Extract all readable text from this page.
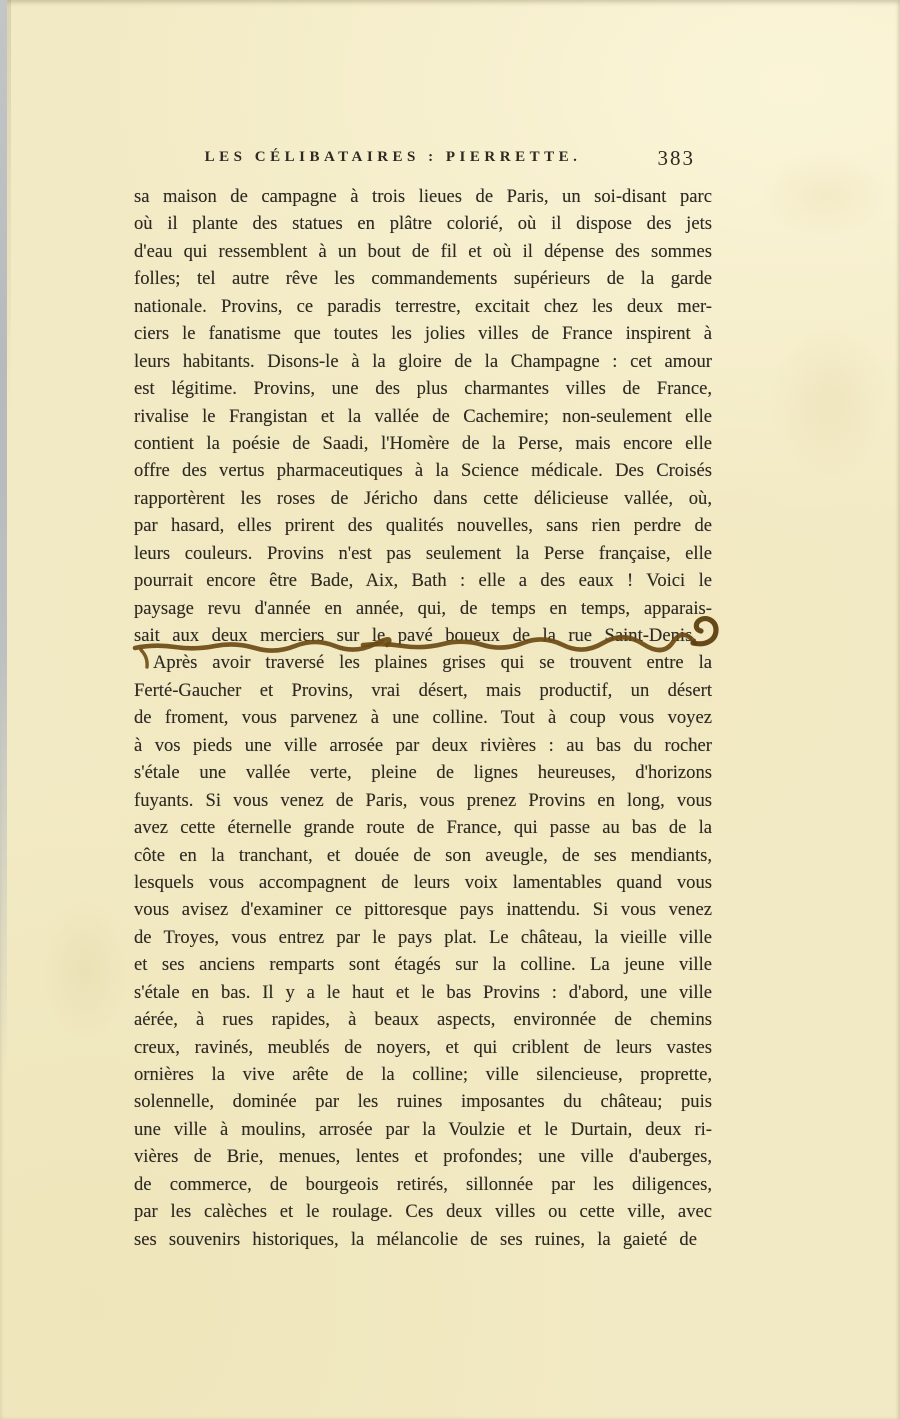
LES CÉLIBATAIRES : PIERRETTE.	383
sa maison de campagne à trois lieues de Paris, un soi-disant parc
où il plante des statues en plâtre colorié, où il dispose des jets
d'eau qui ressemblent à un bout de fil et où il dépense des sommes
folles; tel autre rêve les commandements supérieurs de la garde
nationale. Provins, ce paradis terrestre, excitait chez les deux mer-
ciers le fanatisme que toutes les jolies villes de France inspirent à
leurs habitants. Disons-le à la gloire de la Champagne : cet amour
est légitime. Provins, une des plus charmantes villes de France,
rivalise le Frangistan et la vallée de Cachemire; non-seulement elle
contient la poésie de Saadi, l'Homère de la Perse, mais encore elle
offre des vertus pharmaceutiques à la Science médicale. Des Croisés
rapportèrent les roses de Jéricho dans cette délicieuse vallée, où,
par hasard, elles prirent des qualités nouvelles, sans rien perdre de
leurs couleurs. Provins n'est pas seulement la Perse française, elle
pourrait encore être Bade, Aix, Bath : elle a des eaux ! Voici le
paysage revu d'année en année, qui, de temps en temps, apparais-
sait aux deux merciers sur le pavé boueux de la rue Saint-Denis.
Après avoir traversé les plaines grises qui se trouvent entre la
Ferté-Gaucher et Provins, vrai désert, mais productif, un désert
de froment, vous parvenez à une colline. Tout à coup vous voyez
à vos pieds une ville arrosée par deux rivières : au bas du rocher
s'étale une vallée verte, pleine de lignes heureuses, d'horizons
fuyants. Si vous venez de Paris, vous prenez Provins en long, vous
avez cette éternelle grande route de France, qui passe au bas de la
côte en la tranchant, et douée de son aveugle, de ses mendiants,
lesquels vous accompagnent de leurs voix lamentables quand vous
vous avisez d'examiner ce pittoresque pays inattendu. Si vous venez
de Troyes, vous entrez par le pays plat. Le château, la vieille ville
et ses anciens remparts sont étagés sur la colline. La jeune ville
s'étale en bas. Il y a le haut et le bas Provins : d'abord, une ville
aérée, à rues rapides, à beaux aspects, environnée de chemins
creux, ravinés, meublés de noyers, et qui criblent de leurs vastes
ornières la vive arête de la colline; ville silencieuse, proprette,
solennelle, dominée par les ruines imposantes du château; puis
une ville à moulins, arrosée par la Voulzie et le Durtain, deux ri-
vières de Brie, menues, lentes et profondes; une ville d'auberges,
de commerce, de bourgeois retirés, sillonnée par les diligences,
par les calèches et le roulage. Ces deux villes ou cette ville, avec
ses souvenirs historiques, la mélancolie de ses ruines, la gaieté de
